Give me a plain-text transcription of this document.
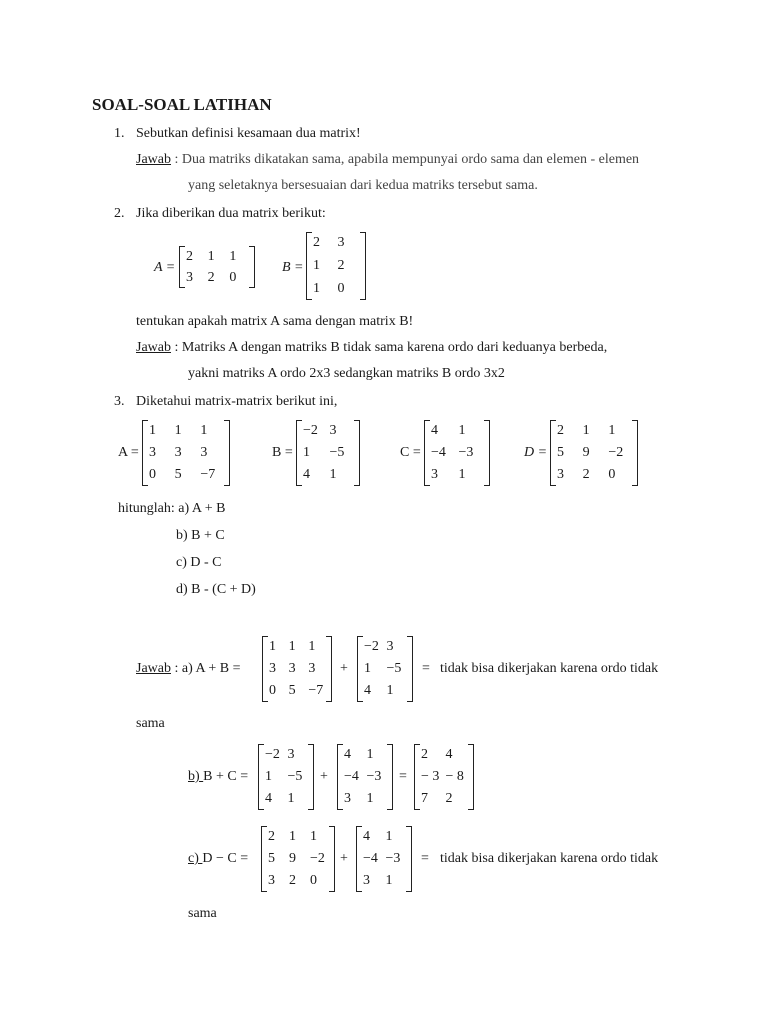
SOAL-SOAL LATIHAN
1. Sebutkan definisi kesamaan dua matrix!
Jawab : Dua matriks dikatakan sama, apabila mempunyai ordo sama dan elemen - elemen
yang seletaknya bersesuaian dari kedua matriks tersebut sama.
2. Jika diberikan dua matrix berikut:
A =
2	1	1
3	2	0
B =
2	3
1	2
1	0
tentukan apakah matrix A sama dengan matrix B!
Jawab : Matriks A dengan matriks B tidak sama karena ordo dari keduanya berbeda,
yakni matriks A ordo 2x3 sedangkan matriks B ordo 3x2
3. Diketahui matrix-matrix berikut ini,
A =
1	1	1
3	3	3
0	5	−7
B =
−2 3
1	−5
4	1
C =
4	1
−4 −3
3	1
D =
2	1	1
5	9	−2
3	2	0
hitunglah: a) A + B
b) B + C
c) D - C
d) B - (C + D)
Jawab : a) A + B =
1 1 1
3 3 3
0 5 −7
+
−2 3
1	−5
4	1
= tidak bisa dikerjakan karena ordo tidak
sama
b) B + C =
−2 3
1	−5
4	1
+
4	1
−4 −3
3	1
=
2	4
− 3 − 8
7	2
c) D − C =
2	1	1
5	9	−2
3	2	0
+
4	1
−4 −3
3	1
= tidak bisa dikerjakan karena ordo tidak
sama
